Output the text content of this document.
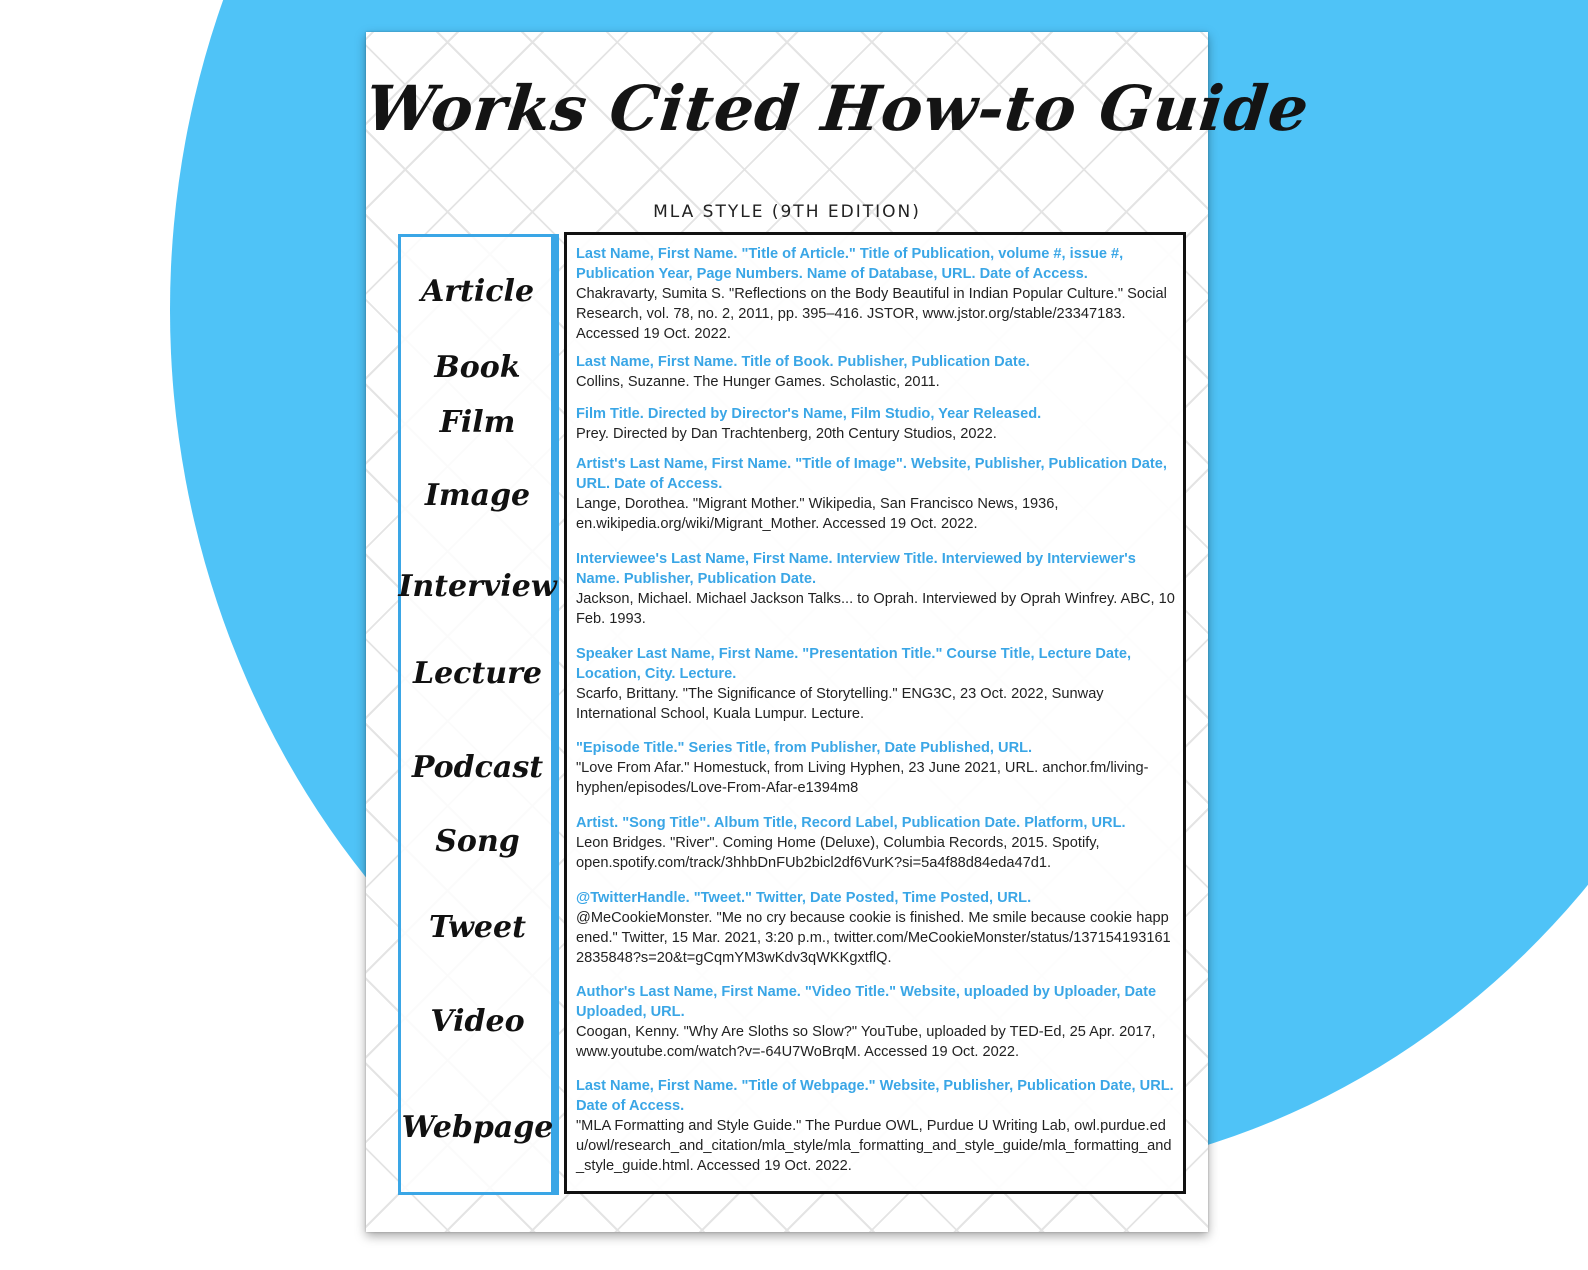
Works Cited How-to Guide
MLA STYLE (9TH EDITION)
Article
Last Name, First Name. "Title of Article." Title of Publication, volume #, issue #, Publication Year, Page Numbers. Name of Database, URL. Date of Access.
Chakravarty, Sumita S. "Reflections on the Body Beautiful in Indian Popular Culture." Social Research, vol. 78, no. 2, 2011, pp. 395–416. JSTOR, www.jstor.org/stable/23347183. Accessed 19 Oct. 2022.
Book	Last Name, First Name. Title of Book. Publisher, Publication Date.
Collins, Suzanne. The Hunger Games. Scholastic, 2011.
Film	Film Title. Directed by Director's Name, Film Studio, Year Released.
Prey. Directed by Dan Trachtenberg, 20th Century Studios, 2022.
Image
Artist's Last Name, First Name. "Title of Image". Website, Publisher, Publication Date, URL. Date of Access.
Lange, Dorothea. "Migrant Mother." Wikipedia, San Francisco News, 1936, en.wikipedia.org/wiki/Migrant_Mother. Accessed 19 Oct. 2022.
Interview
Interviewee's Last Name, First Name. Interview Title. Interviewed by Interviewer's Name. Publisher, Publication Date.
Jackson, Michael. Michael Jackson Talks... to Oprah. Interviewed by Oprah Winfrey. ABC, 10 Feb. 1993.
Lecture
Speaker Last Name, First Name. "Presentation Title." Course Title, Lecture Date, Location, City. Lecture.
Scarfo, Brittany. "The Significance of Storytelling." ENG3C, 23 Oct. 2022, Sunway International School, Kuala Lumpur. Lecture.
Podcast
"Episode Title." Series Title, from Publisher, Date Published, URL.
"Love From Afar." Homestuck, from Living Hyphen, 23 June 2021, URL. anchor.fm/living-hyphen/episodes/Love-From-Afar-e1394m8
Song
Artist. "Song Title". Album Title, Record Label, Publication Date. Platform, URL.
Leon Bridges. "River". Coming Home (Deluxe), Columbia Records, 2015. Spotify, open.spotify.com/track/3hhbDnFUb2bicl2df6VurK?si=5a4f88d84eda47d1.
Tweet
@TwitterHandle. "Tweet." Twitter, Date Posted, Time Posted, URL.
@MeCookieMonster. "Me no cry because cookie is finished. Me smile because cookie happened." Twitter, 15 Mar. 2021, 3:20 p.m., twitter.com/MeCookieMonster/status/1371541931612835848?s=20&t=gCqmYM3wKdv3qWKKgxtflQ.
Video
Author's Last Name, First Name. "Video Title." Website, uploaded by Uploader, Date Uploaded, URL.
Coogan, Kenny. "Why Are Sloths so Slow?" YouTube, uploaded by TED-Ed, 25 Apr. 2017, www.youtube.com/watch?v=-64U7WoBrqM. Accessed 19 Oct. 2022.
Webpage
Last Name, First Name. "Title of Webpage." Website, Publisher, Publication Date, URL. Date of Access.
"MLA Formatting and Style Guide." The Purdue OWL, Purdue U Writing Lab, owl.purdue.edu/owl/research_and_citation/mla_style/mla_formatting_and_style_guide/mla_formatting_and_style_guide.html. Accessed 19 Oct. 2022.
